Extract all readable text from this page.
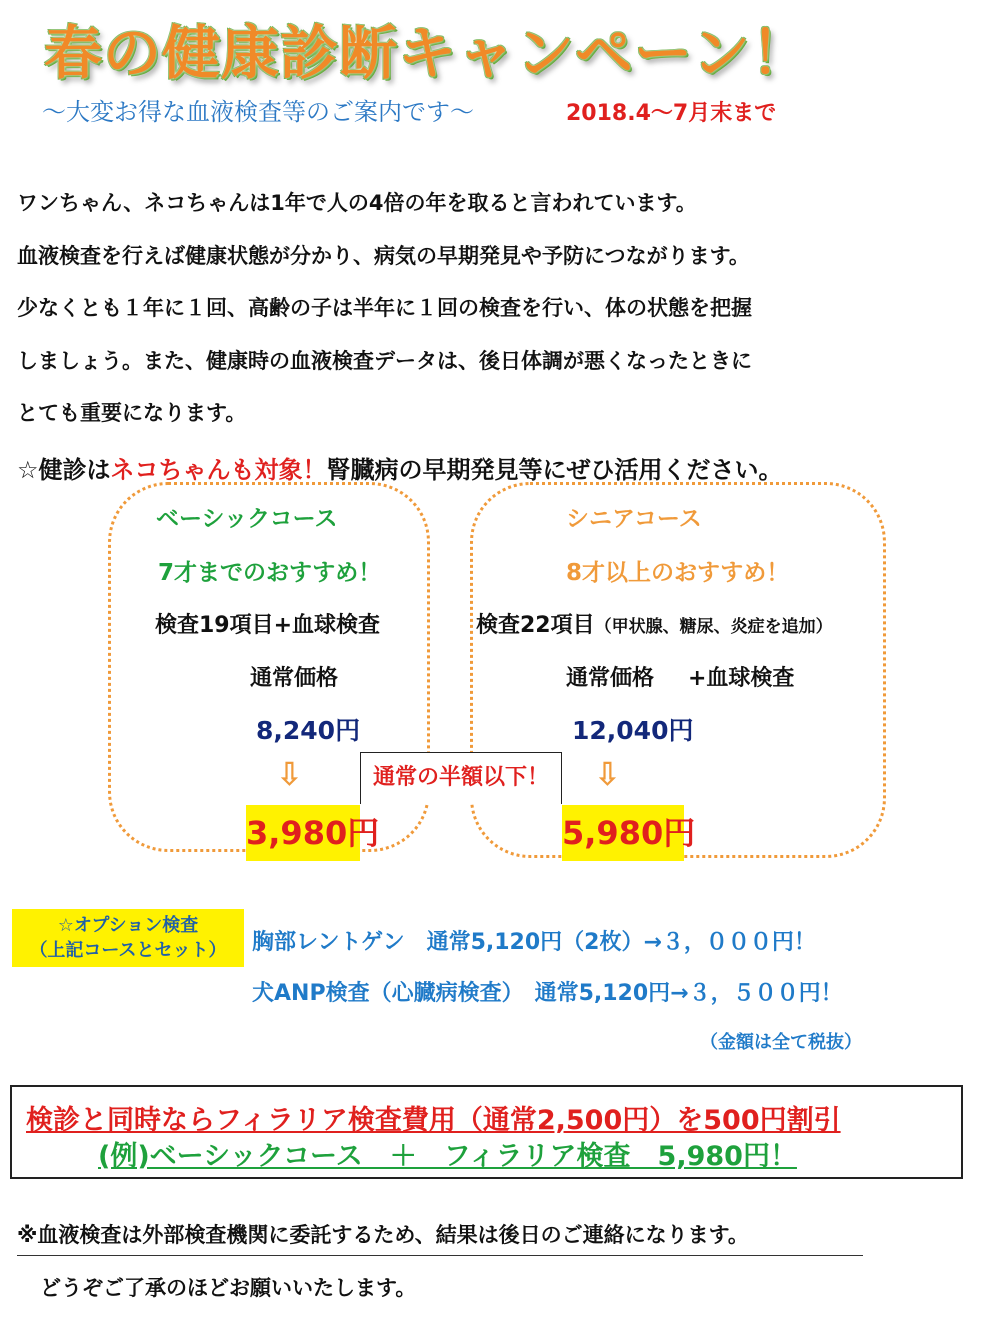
春の健康診断キャンペーン！
～大変お得な血液検査等のご案内です～	2018.4～7月末まで
ワンちゃん、ネコちゃんは1年で人の4倍の年を取ると言われています。
血液検査を行えば健康状態が分かり、病気の早期発見や予防につながります。
少なくとも１年に１回、高齢の子は半年に１回の検査を行い、体の状態を把握
しましょう。また、健康時の血液検査データは、後日体調が悪くなったときに
とても重要になります。
☆健診はネコちゃんも対象！腎臓病の早期発見等にぜひ活用ください。
ベーシックコース
7才までのおすすめ！
検査19項目+血球検査
通常価格
8,240円
⇩
3,980円
シニアコース
8才以上のおすすめ！
検査22項目（甲状腺、糖尿、炎症を追加）
通常価格 +血球検査
12,040円
⇩
5,980円
通常の半額以下！
☆オプション検査
（上記コースとセット）	胸部レントゲン　通常5,120円（2枚）→３，０００円！
犬ANP検査（心臓病検査）　通常5,120円→３，５００円！
（金額は全て税抜）
検診と同時ならフィラリア検査費用（通常2,500円）を500円割引
(例)ベーシックコース　＋　フィラリア検査　5,980円！
※血液検査は外部検査機関に委託するため、結果は後日のご連絡になります。
どうぞご了承のほどお願いいたします。
